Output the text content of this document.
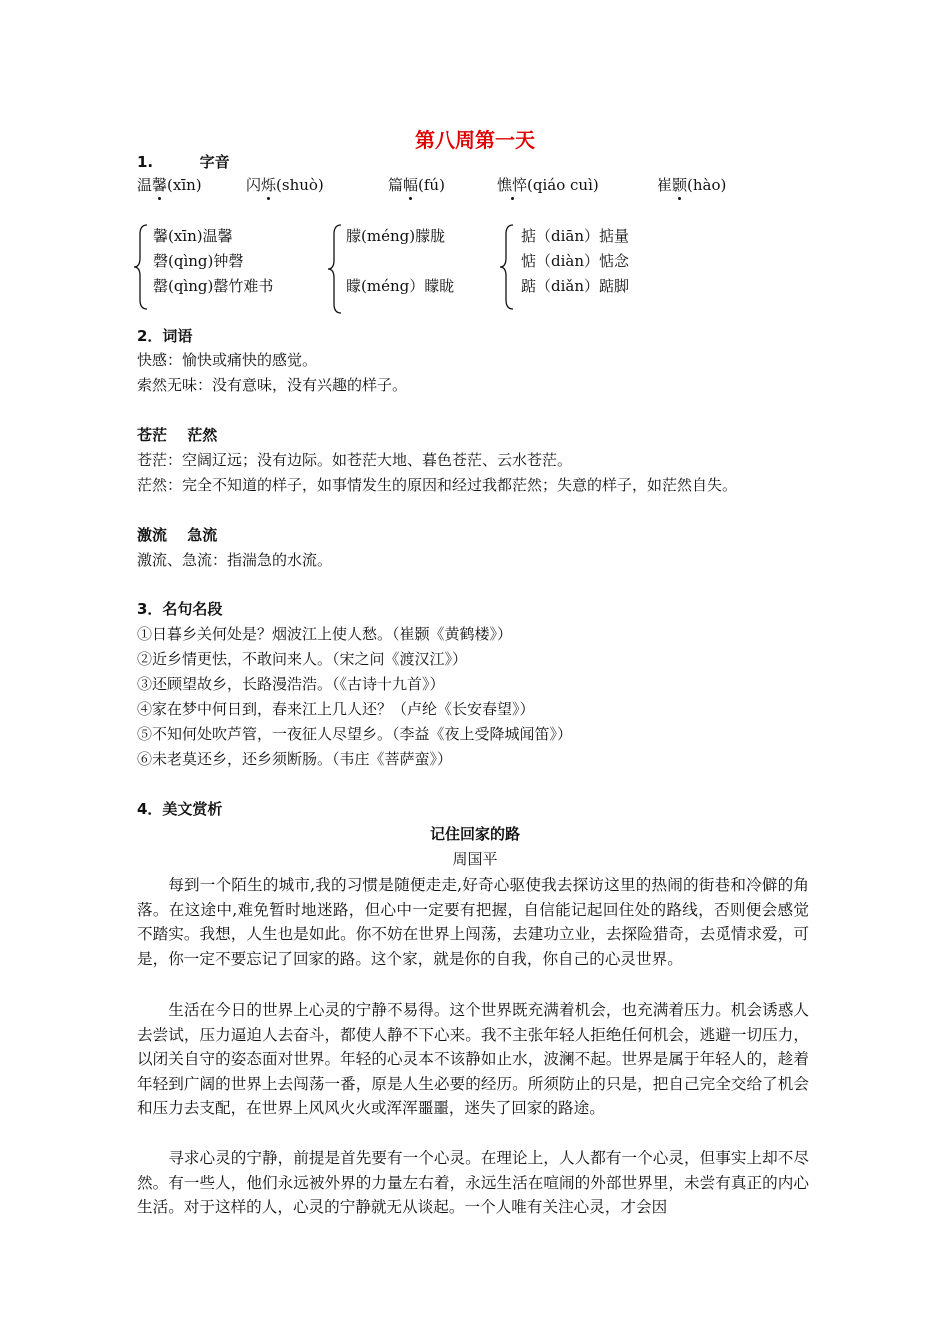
第八周第一天
1.	字音
温馨(xīn)	闪烁(shuò)	篇幅(fú)	憔悴(qiáo cuì)	崔颢(hào)
馨(xīn)温馨
磬(qìng)钟磬
罄(qìng)罄竹难书
朦(méng)朦胧
矇(méng）矇眬
掂（diān）掂量
惦（diàn）惦念
踮（diǎn）踮脚
2．词语
快感：愉快或痛快的感觉。
索然无味：没有意味，没有兴趣的样子。
苍茫　 茫然
苍茫：空阔辽远；没有边际。如苍茫大地、暮色苍茫、云水苍茫。
茫然：完全不知道的样子，如事情发生的原因和经过我都茫然；失意的样子，如茫然自失。
激流　 急流
激流、急流：指湍急的水流。
3．名句名段
①日暮乡关何处是？烟波江上使人愁。（崔颢《黄鹤楼》）
②近乡情更怯，不敢问来人。（宋之问《渡汉江》）
③还顾望故乡，长路漫浩浩。（《古诗十九首》）
④家在梦中何日到，春来江上几人还？（卢纶《长安春望》）
⑤不知何处吹芦管，一夜征人尽望乡。（李益《夜上受降城闻笛》）
⑥未老莫还乡，还乡须断肠。（韦庄《菩萨蛮》）
4．美文赏析
记住回家的路
周国平
每到一个陌生的城市,我的习惯是随便走走,好奇心驱使我去探访这里的热闹的街巷和冷僻的角落。在这途中,难免暂时地迷路，但心中一定要有把握，自信能记起回住处的路线，否则便会感觉不踏实。我想，人生也是如此。你不妨在世界上闯荡，去建功立业，去探险猎奇，去觅情求爱，可是，你一定不要忘记了回家的路。这个家，就是你的自我，你自己的心灵世界。
生活在今日的世界上心灵的宁静不易得。这个世界既充满着机会，也充满着压力。机会诱惑人去尝试，压力逼迫人去奋斗，都使人静不下心来。我不主张年轻人拒绝任何机会，逃避一切压力，以闭关自守的姿态面对世界。年轻的心灵本不该静如止水，波澜不起。世界是属于年轻人的，趁着年轻到广阔的世界上去闯荡一番，原是人生必要的经历。所须防止的只是，把自己完全交给了机会和压力去支配，在世界上风风火火或浑浑噩噩，迷失了回家的路途。
寻求心灵的宁静，前提是首先要有一个心灵。在理论上，人人都有一个心灵，但事实上却不尽然。有一些人，他们永远被外界的力量左右着，永远生活在喧闹的外部世界里，未尝有真正的内心生活。对于这样的人，心灵的宁静就无从谈起。一个人唯有关注心灵，才会因
